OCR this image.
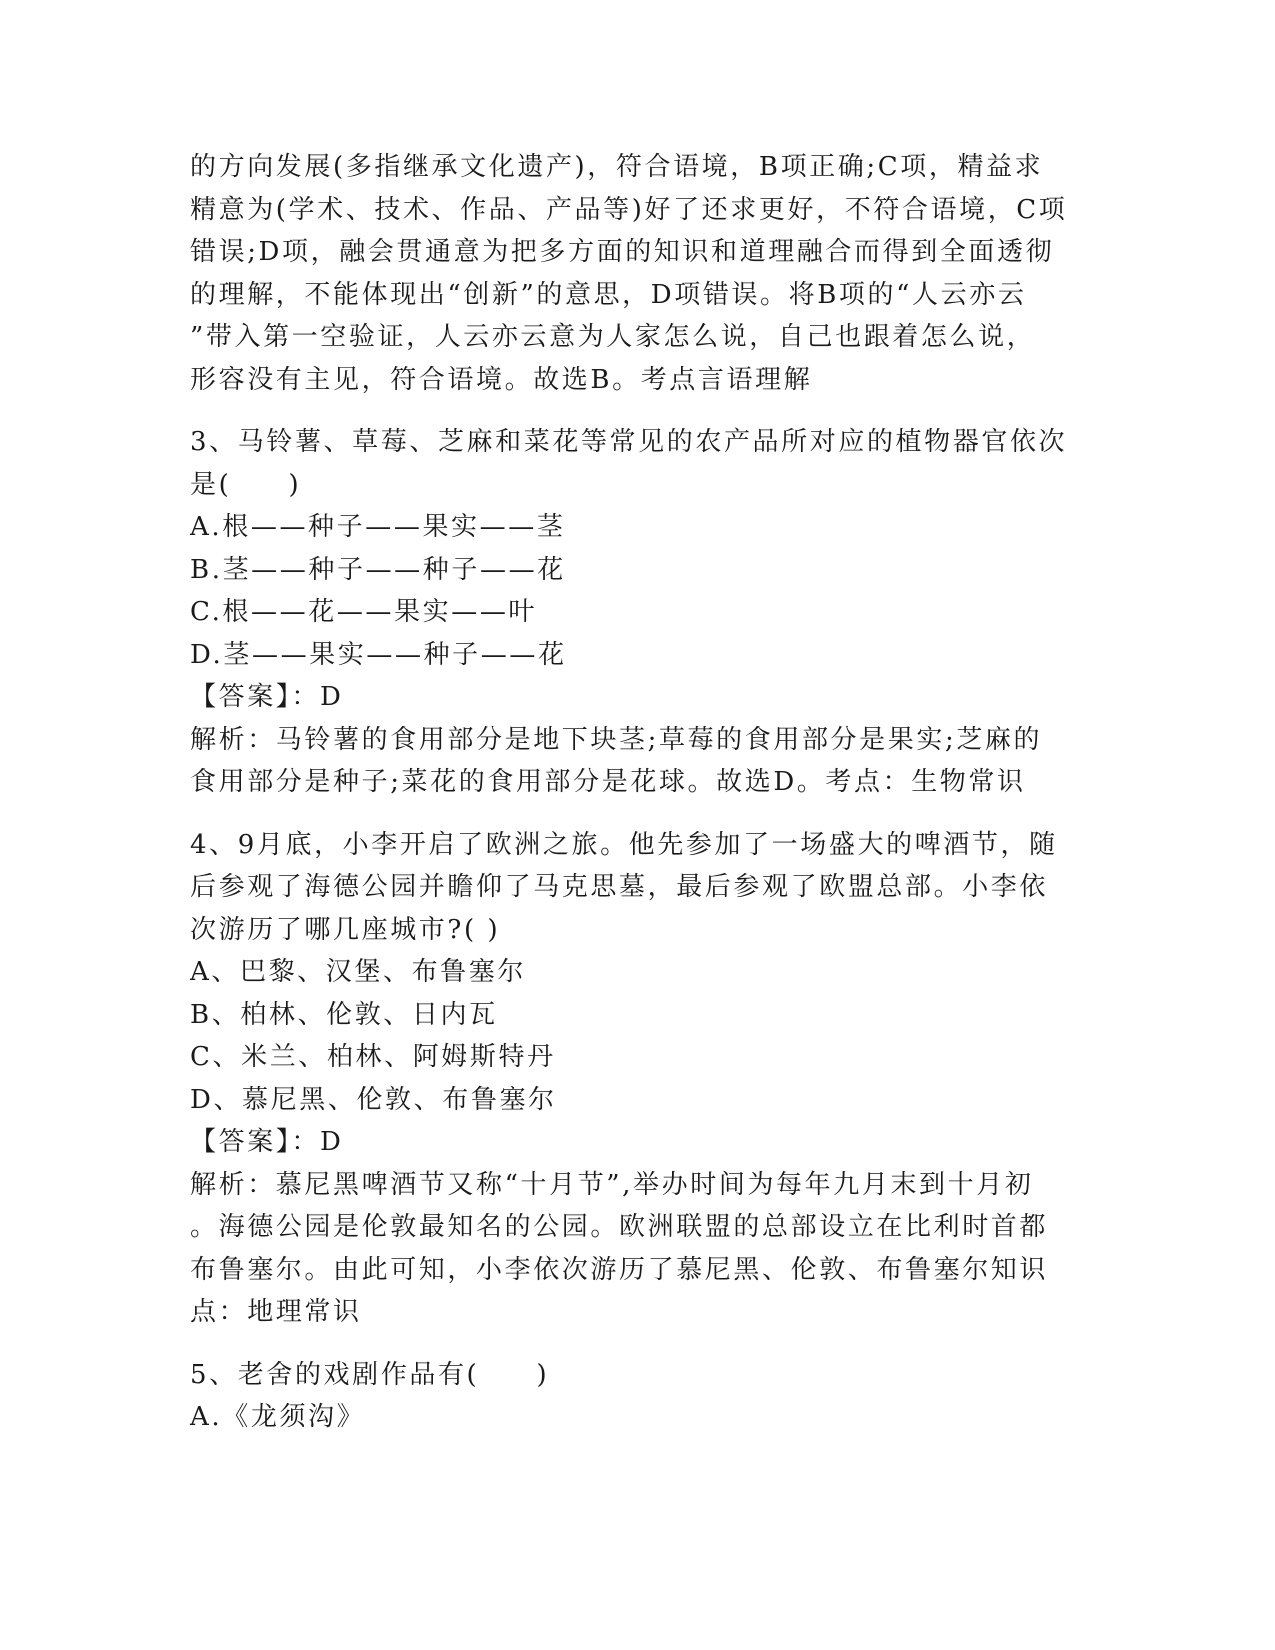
的方向发展(多指继承文化遗产)，符合语境，B项正确;C项，精益求
精意为(学术、技术、作品、产品等)好了还求更好，不符合语境，C项
错误;D项，融会贯通意为把多方面的知识和道理融合而得到全面透彻
的理解，不能体现出“创新”的意思，D项错误。将B项的“人云亦云
”带入第一空验证，人云亦云意为人家怎么说，自己也跟着怎么说，
形容没有主见，符合语境。故选B。考点言语理解
3、马铃薯、草莓、芝麻和菜花等常见的农产品所对应的植物器官依次
是(　　)
A.根——种子——果实——茎
B.茎——种子——种子——花
C.根——花——果实——叶
D.茎——果实——种子——花
【答案】：D
解析：马铃薯的食用部分是地下块茎;草莓的食用部分是果实;芝麻的
食用部分是种子;菜花的食用部分是花球。故选D。考点：生物常识
4、9月底，小李开启了欧洲之旅。他先参加了一场盛大的啤酒节，随
后参观了海德公园并瞻仰了马克思墓，最后参观了欧盟总部。小李依
次游历了哪几座城市?( )
A、巴黎、汉堡、布鲁塞尔
B、柏林、伦敦、日内瓦
C、米兰、柏林、阿姆斯特丹
D、慕尼黑、伦敦、布鲁塞尔
【答案】：D
解析：慕尼黑啤酒节又称“十月节”,举办时间为每年九月末到十月初
。海德公园是伦敦最知名的公园。欧洲联盟的总部设立在比利时首都
布鲁塞尔。由此可知，小李依次游历了慕尼黑、伦敦、布鲁塞尔知识
点：地理常识
5、老舍的戏剧作品有(　　)
A.《龙须沟》
